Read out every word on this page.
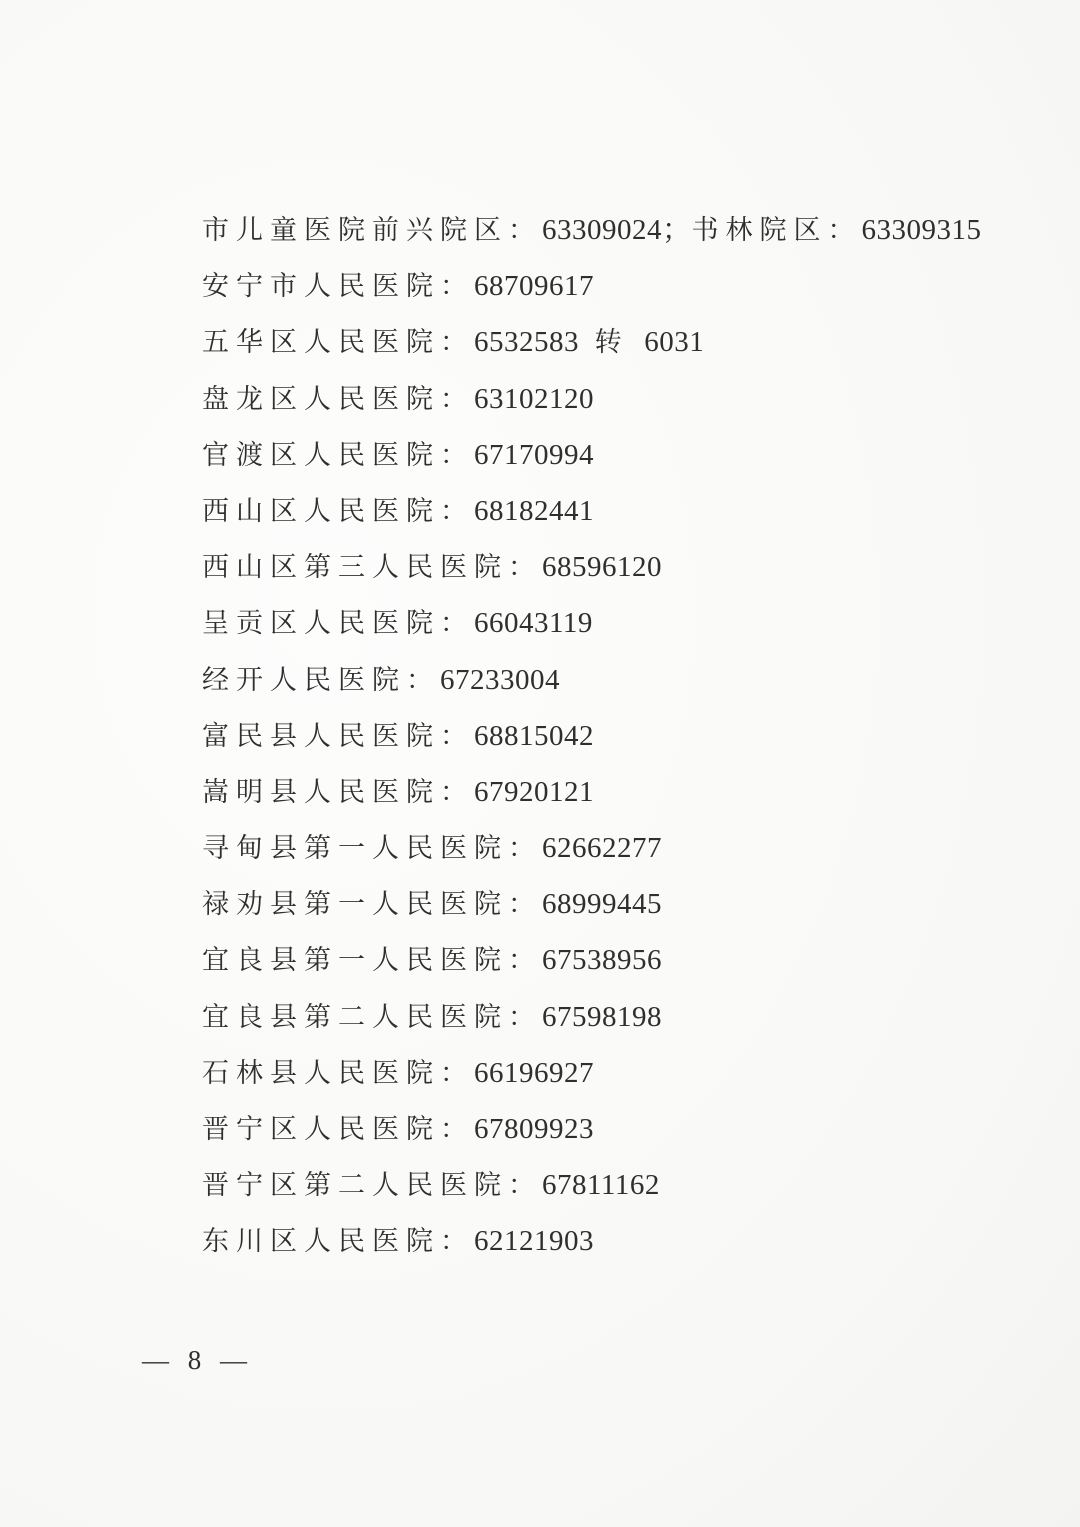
市儿童医院前兴院区：63309024；书林院区：63309315
安宁市人民医院：68709617
五华区人民医院：6532583 转 6031
盘龙区人民医院：63102120
官渡区人民医院：67170994
西山区人民医院：68182441
西山区第三人民医院：68596120
呈贡区人民医院：66043119
经开人民医院：67233004
富民县人民医院：68815042
嵩明县人民医院：67920121
寻甸县第一人民医院：62662277
禄劝县第一人民医院：68999445
宜良县第一人民医院：67538956
宜良县第二人民医院：67598198
石林县人民医院：66196927
晋宁区人民医院：67809923
晋宁区第二人民医院：67811162
东川区人民医院：62121903
— 8 —
